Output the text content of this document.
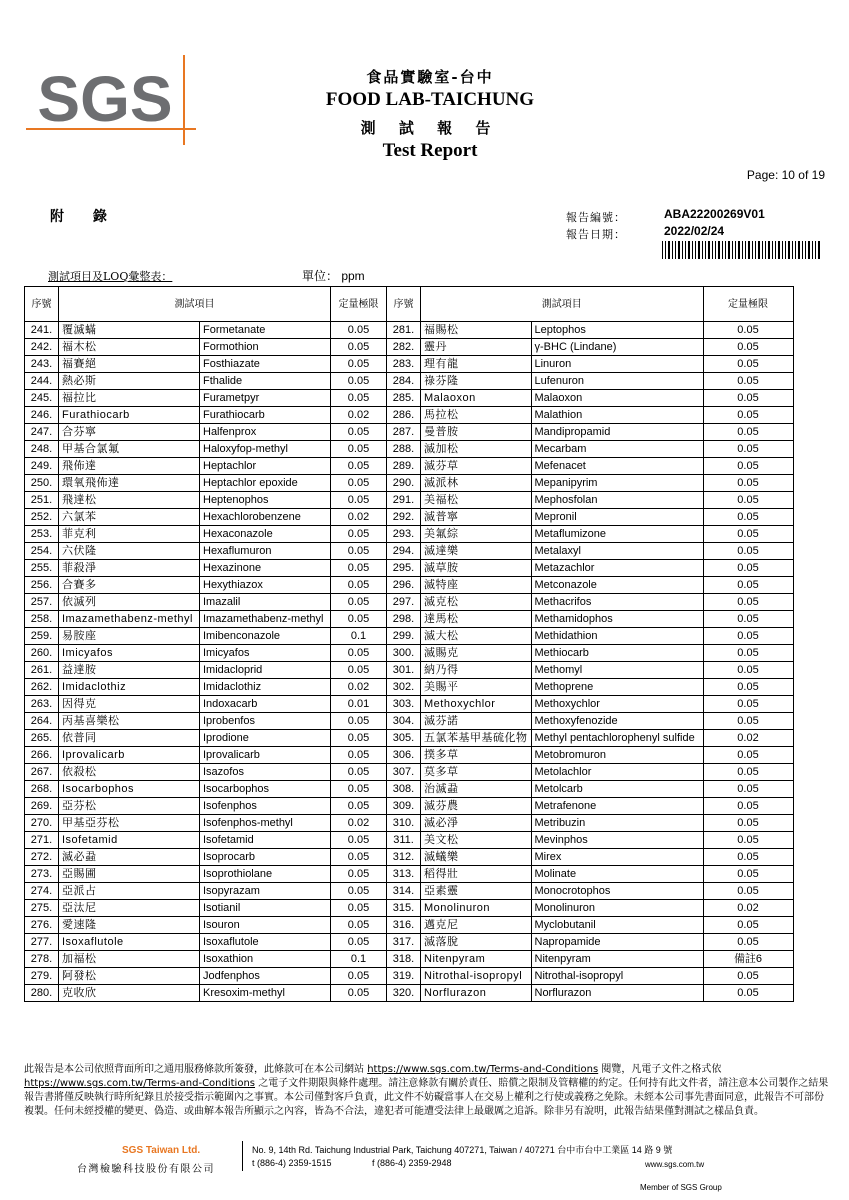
SGS	食品實驗室-台中
FOOD LAB-TAICHUNG
測 試 報 告
Test Report
Page: 10 of 19
附 錄	報告編號：	ABA22200269V01
報告日期：	2022/02/24
測試項目及LOQ彙整表：	單位： ppm
序號	測試項目		定量極限	序號	測試項目		定量極限
241.	覆滅蟎	Formetanate	0.05	281.	福賜松	Leptophos	0.05
242.	福木松	Formothion	0.05	282.	靈丹	γ-BHC (Lindane)	0.05
243.	福賽絕	Fosthiazate	0.05	283.	理有龍	Linuron	0.05
244.	熱必斯	Fthalide	0.05	284.	祿芬隆	Lufenuron	0.05
245.	福拉比	Furametpyr	0.05	285.	Malaoxon	Malaoxon	0.05
246.	Furathiocarb	Furathiocarb	0.02	286.	馬拉松	Malathion	0.05
247.	合芬寧	Halfenprox	0.05	287.	曼普胺	Mandipropamid	0.05
248.	甲基合氯氟	Haloxyfop-methyl	0.05	288.	滅加松	Mecarbam	0.05
249.	飛佈達	Heptachlor	0.05	289.	滅芬草	Mefenacet	0.05
250.	環氧飛佈達	Heptachlor epoxide	0.05	290.	滅派林	Mepanipyrim	0.05
251.	飛達松	Heptenophos	0.05	291.	美福松	Mephosfolan	0.05
252.	六氯苯	Hexachlorobenzene	0.02	292.	滅普寧	Mepronil	0.05
253.	菲克利	Hexaconazole	0.05	293.	美氟綜	Metaflumizone	0.05
254.	六伏隆	Hexaflumuron	0.05	294.	滅達樂	Metalaxyl	0.05
255.	菲殺淨	Hexazinone	0.05	295.	滅草胺	Metazachlor	0.05
256.	合賽多	Hexythiazox	0.05	296.	滅特座	Metconazole	0.05
257.	依滅列	Imazalil	0.05	297.	滅克松	Methacrifos	0.05
258.	Imazamethabenz-methyl	Imazamethabenz-methyl	0.05	298.	達馬松	Methamidophos	0.05
259.	易胺座	Imibenconazole	0.1	299.	滅大松	Methidathion	0.05
260.	Imicyafos	Imicyafos	0.05	300.	滅賜克	Methiocarb	0.05
261.	益達胺	Imidacloprid	0.05	301.	納乃得	Methomyl	0.05
262.	Imidaclothiz	Imidaclothiz	0.02	302.	美賜平	Methoprene	0.05
263.	因得克	Indoxacarb	0.01	303.	Methoxychlor	Methoxychlor	0.05
264.	丙基喜樂松	Iprobenfos	0.05	304.	滅芬諾	Methoxyfenozide	0.05
265.	依普同	Iprodione	0.05	305.	五氯苯基甲基硫化物	Methyl pentachlorophenyl sulfide	0.02
266.	Iprovalicarb	Iprovalicarb	0.05	306.	撲多草	Metobromuron	0.05
267.	依殺松	Isazofos	0.05	307.	莫多草	Metolachlor	0.05
268.	Isocarbophos	Isocarbophos	0.05	308.	治滅蝨	Metolcarb	0.05
269.	亞芬松	Isofenphos	0.05	309.	滅芬農	Metrafenone	0.05
270.	甲基亞芬松	Isofenphos-methyl	0.02	310.	滅必淨	Metribuzin	0.05
271.	Isofetamid	Isofetamid	0.05	311.	美文松	Mevinphos	0.05
272.	滅必蝨	Isoprocarb	0.05	312.	滅蟻樂	Mirex	0.05
273.	亞賜圃	Isoprothiolane	0.05	313.	稻得壯	Molinate	0.05
274.	亞派占	Isopyrazam	0.05	314.	亞素靈	Monocrotophos	0.05
275.	亞汰尼	Isotianil	0.05	315.	Monolinuron	Monolinuron	0.02
276.	愛速隆	Isouron	0.05	316.	邁克尼	Myclobutanil	0.05
277.	Isoxaflutole	Isoxaflutole	0.05	317.	滅落脫	Napropamide	0.05
278.	加福松	Isoxathion	0.1	318.	Nitenpyram	Nitenpyram	備註6
279.	阿發松	Jodfenphos	0.05	319.	Nitrothal-isopropyl	Nitrothal-isopropyl	0.05
280.	克收欣	Kresoxim-methyl	0.05	320.	Norflurazon	Norflurazon	0.05
此報告是本公司依照背面所印之通用服務條款所簽發，此條款可在本公司網站 https://www.sgs.com.tw/Terms-and-Conditions 閱覽，凡電子文件之格式依https://www.sgs.com.tw/Terms-and-Conditions 之電子文件期限與條件處理。請注意條款有關於責任、賠償之限制及管轄權的約定。任何持有此文件者，請注意本公司製作之結果報告書將僅反映執行時所紀錄且於接受指示範圍內之事實。本公司僅對客戶負責，此文件不妨礙當事人在交易上權利之行使或義務之免除。未經本公司事先書面同意，此報告不可部份複製。任何未經授權的變更、偽造、或曲解本報告所顯示之內容，皆為不合法，違犯者可能遭受法律上最嚴厲之追訴。除非另有說明，此報告結果僅對測試之樣品負責。
SGS Taiwan Ltd.
台灣檢驗科技股份有限公司
No. 9, 14th Rd. Taichung Industrial Park, Taichung 407271, Taiwan / 407271 台中市台中工業區 14 路 9 號
t (886-4) 2359-1515	f (886-4) 2359-2948	www.sgs.com.tw
Member of SGS Group
